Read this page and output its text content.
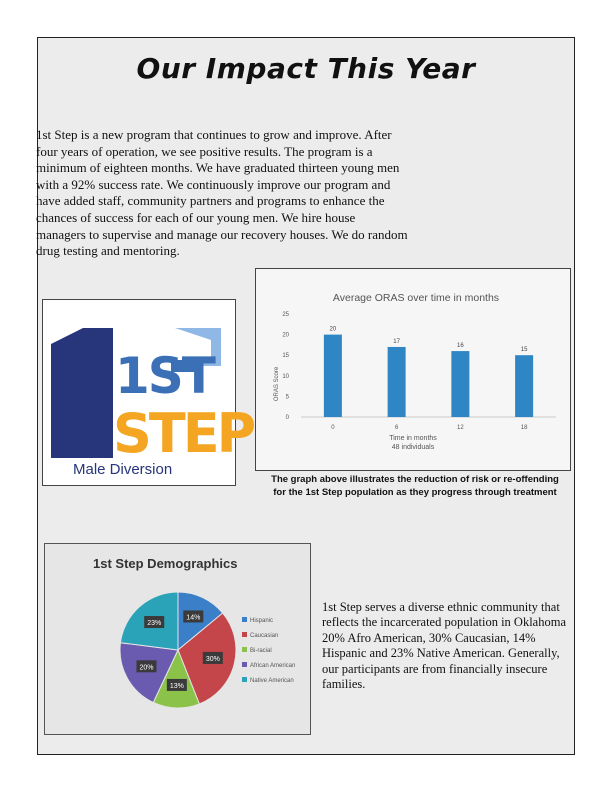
Our Impact This Year
1st Step is a new program that continues to grow and improve. After four years of operation, we see positive results. The program is a minimum of eighteen months. We have graduated thirteen young men with a 92% success rate. We continuously improve our program and have added staff, community partners and programs to enhance the chances of success for each of our young men. We hire house managers to supervise and manage our recovery houses. We do random drug testing and mentoring.
1ST
STEP
Male Diversion
Average ORAS over time in months
ORAS Score
Time in months
48 individuals
0
5
10
15
20
25
20
0
17
6
16
12
15
18
The graph above illustrates the reduction of risk or re-offending for the 1st Step population as they progress through treatment
1st Step Demographics
14%
30%
13%
20%
23%	Hispanic
Caucasian
Bi-racial
African American
Native American
1st Step serves a diverse ethnic community that reflects the incarcerated population in Oklahoma 20% Afro American, 30% Caucasian, 14% Hispanic and 23% Native American. Generally, our participants are from financially insecure families.
